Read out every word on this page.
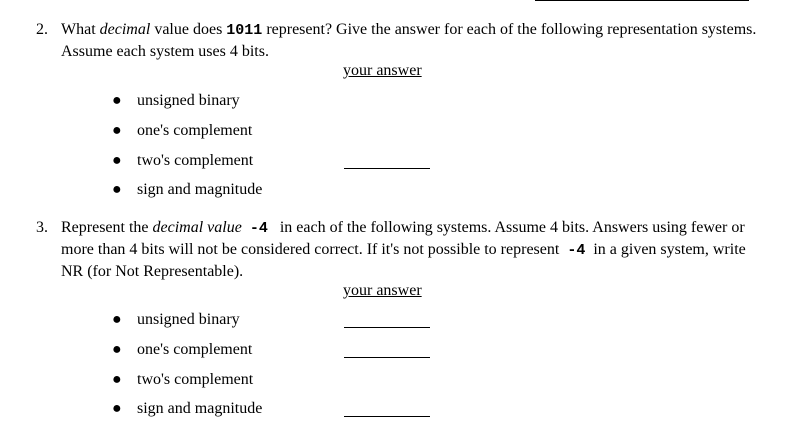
2. What decimal value does 1011 represent? Give the answer for each of the following representation systems. Assume each system uses 4 bits.
your answer
● unsigned binary
● one's complement
● two's complement
● sign and magnitude
3. Represent the decimal value -4   in each of the following systems. Assume 4 bits. Answers using fewer or more than 4 bits will not be considered correct. If it's not possible to represent  -4  in a given system, write NR (for Not Representable).
your answer
● unsigned binary
● one's complement
● two's complement
● sign and magnitude
